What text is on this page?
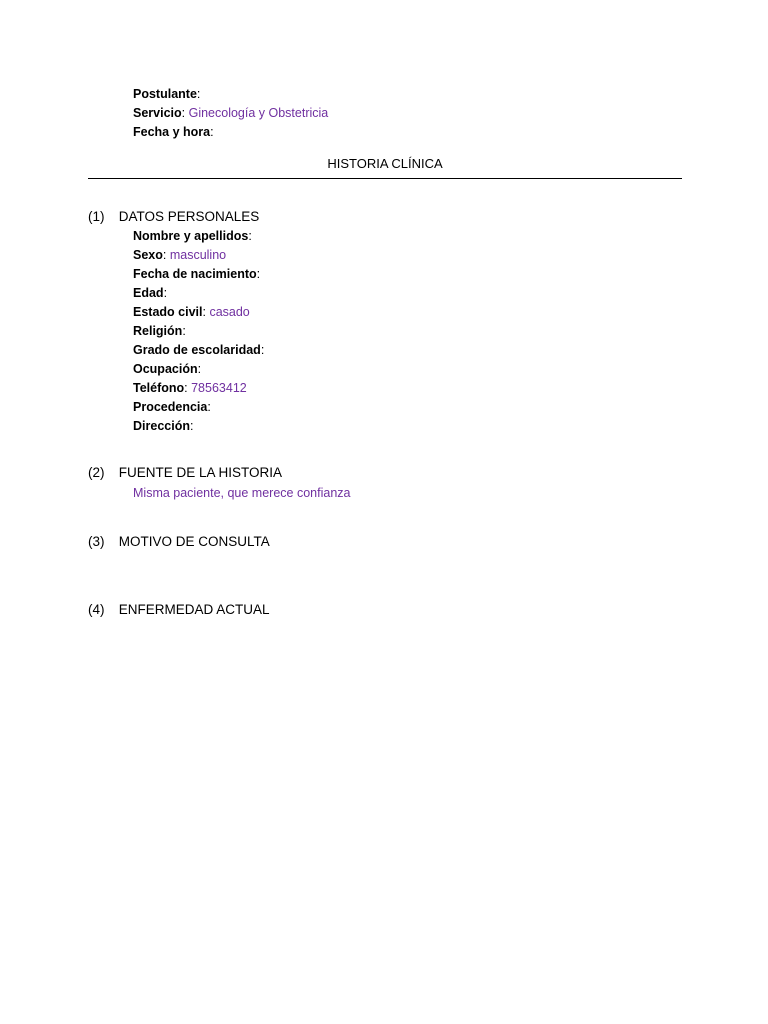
Postulante:
Servicio: Ginecología y Obstetricia
Fecha y hora:
HISTORIA CLÍNICA
(1) DATOS PERSONALES
Nombre y apellidos:
Sexo: masculino
Fecha de nacimiento:
Edad:
Estado civil: casado
Religión:
Grado de escolaridad:
Ocupación:
Teléfono: 78563412
Procedencia:
Dirección:
(2) FUENTE DE LA HISTORIA
Misma paciente, que merece confianza
(3) MOTIVO DE CONSULTA
(4) ENFERMEDAD ACTUAL
